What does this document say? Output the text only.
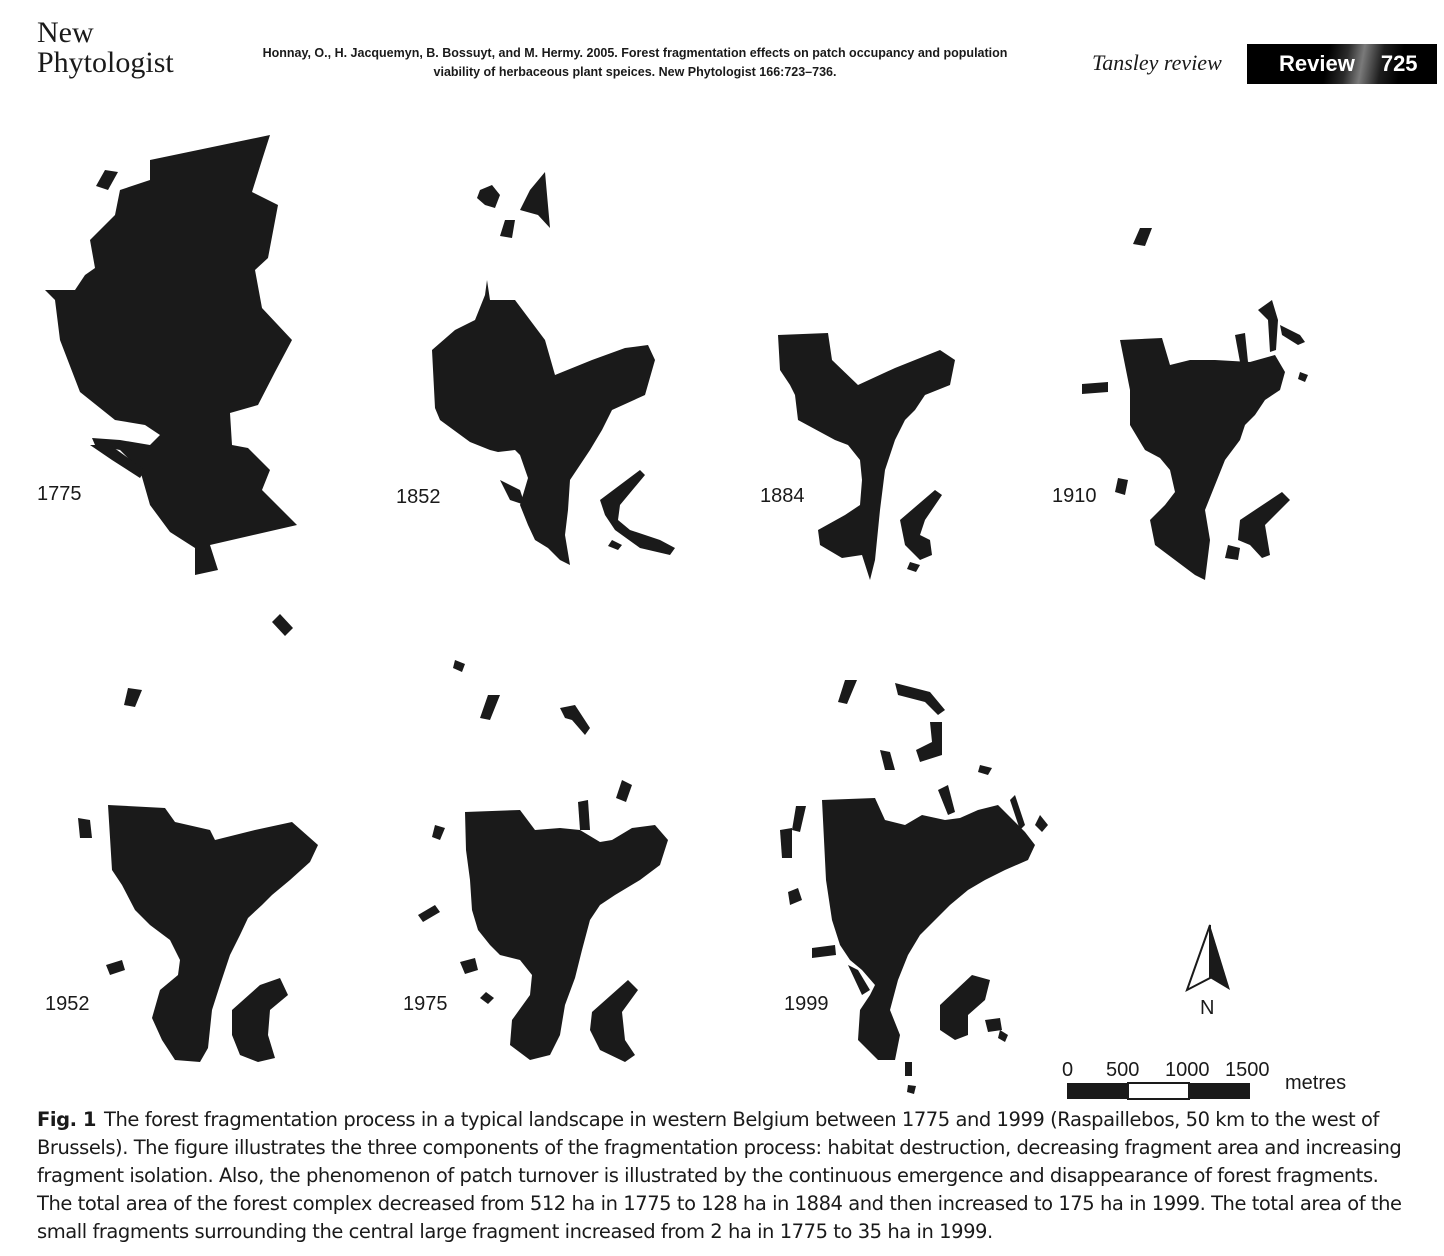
New
Phytologist	Honnay, O., H. Jacquemyn, B. Bossuyt, and M. Hermy. 2005. Forest fragmentation effects on patch occupancy and population
viability of herbaceous plant speices. New Phytologist 166:723–736.	Tansley review	Review 725
1775	1852	1884	1910
1952	1975	1999	N
0 500 1000 1500
metres
Fig. 1 The forest fragmentation process in a typical landscape in western Belgium between 1775 and 1999 (Raspaillebos, 50 km to the west of Brussels). The figure illustrates the three components of the fragmentation process: habitat destruction, decreasing fragment area and increasing fragment isolation. Also, the phenomenon of patch turnover is illustrated by the continuous emergence and disappearance of forest fragments. The total area of the forest complex decreased from 512 ha in 1775 to 128 ha in 1884 and then increased to 175 ha in 1999. The total area of the small fragments surrounding the central large fragment increased from 2 ha in 1775 to 35 ha in 1999.
